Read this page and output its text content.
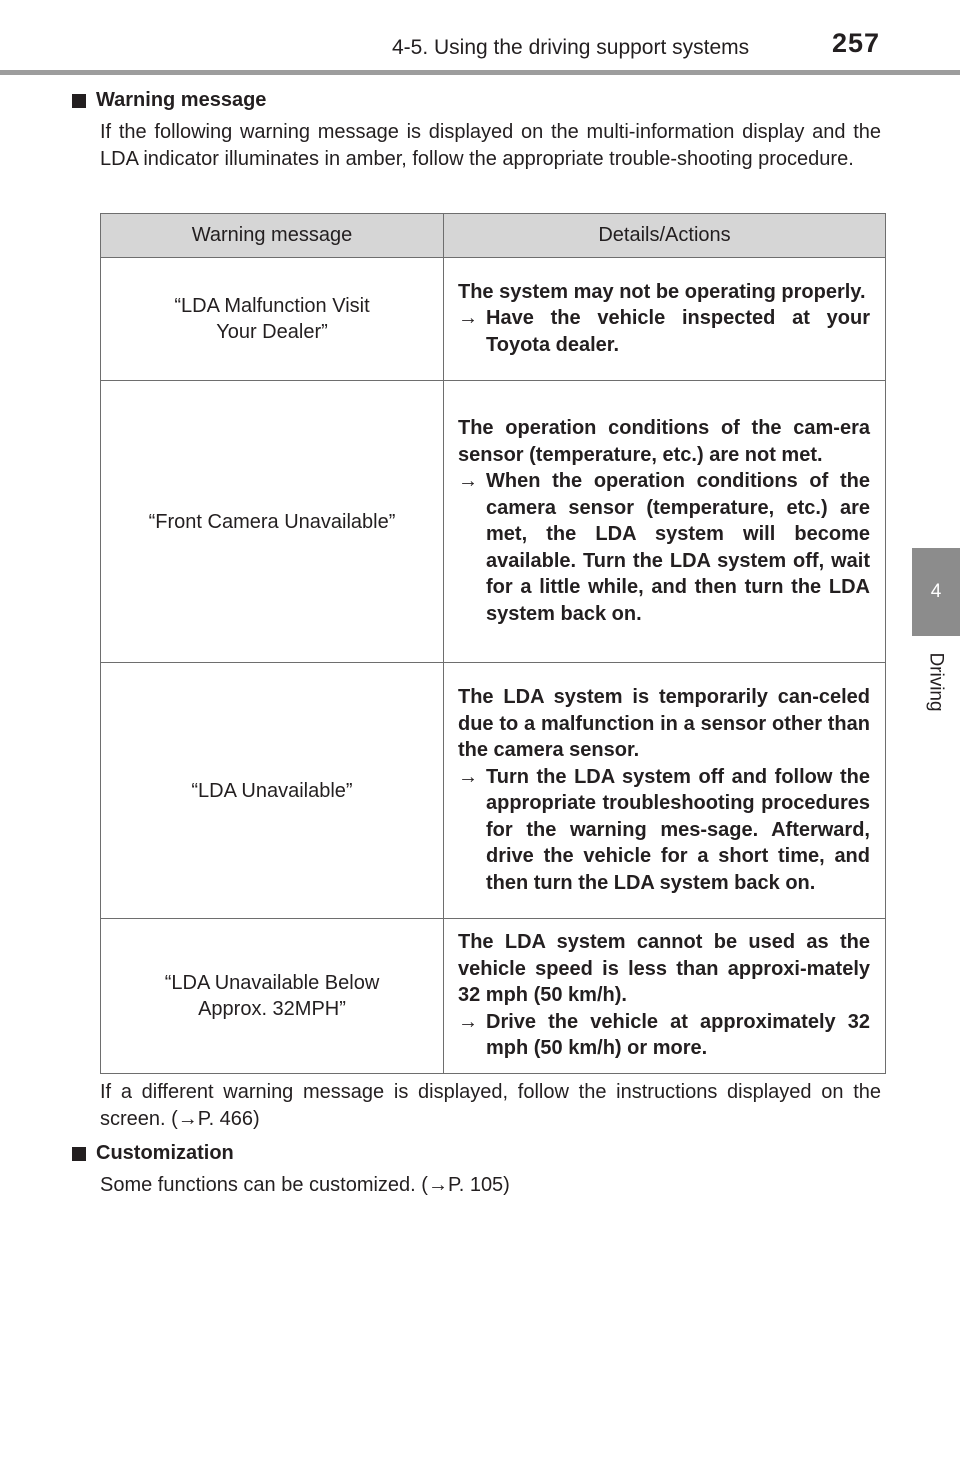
4-5. Using the driving support systems	257
4
Driving
Warning message

If the following warning message is displayed on the multi-information display and the LDA indicator illuminates in amber, follow the appropriate trouble-shooting procedure.

Warning message	Details/Actions

“LDA Malfunction Visit Your Dealer”	The system may not be operating properly.
→ Have the vehicle inspected at your Toyota dealer.

“Front Camera Unavailable”	The operation conditions of the cam-era sensor (temperature, etc.) are not met.
→ When the operation conditions of the camera sensor (temperature, etc.) are met, the LDA system will become available. Turn the LDA system off, wait for a little while, and then turn the LDA system back on.

“LDA Unavailable”	The LDA system is temporarily can-celed due to a malfunction in a sensor other than the camera sensor.
→ Turn the LDA system off and follow the appropriate troubleshooting procedures for the warning mes-sage. Afterward, drive the vehicle for a short time, and then turn the LDA system back on.

“LDA Unavailable Below Approx. 32MPH”	The LDA system cannot be used as the vehicle speed is less than approxi-mately 32 mph (50 km/h).
→ Drive the vehicle at approximately 32 mph (50 km/h) or more.

If a different warning message is displayed, follow the instructions displayed on the screen. (→P. 466)

Customization

Some functions can be customized. (→P. 105)
